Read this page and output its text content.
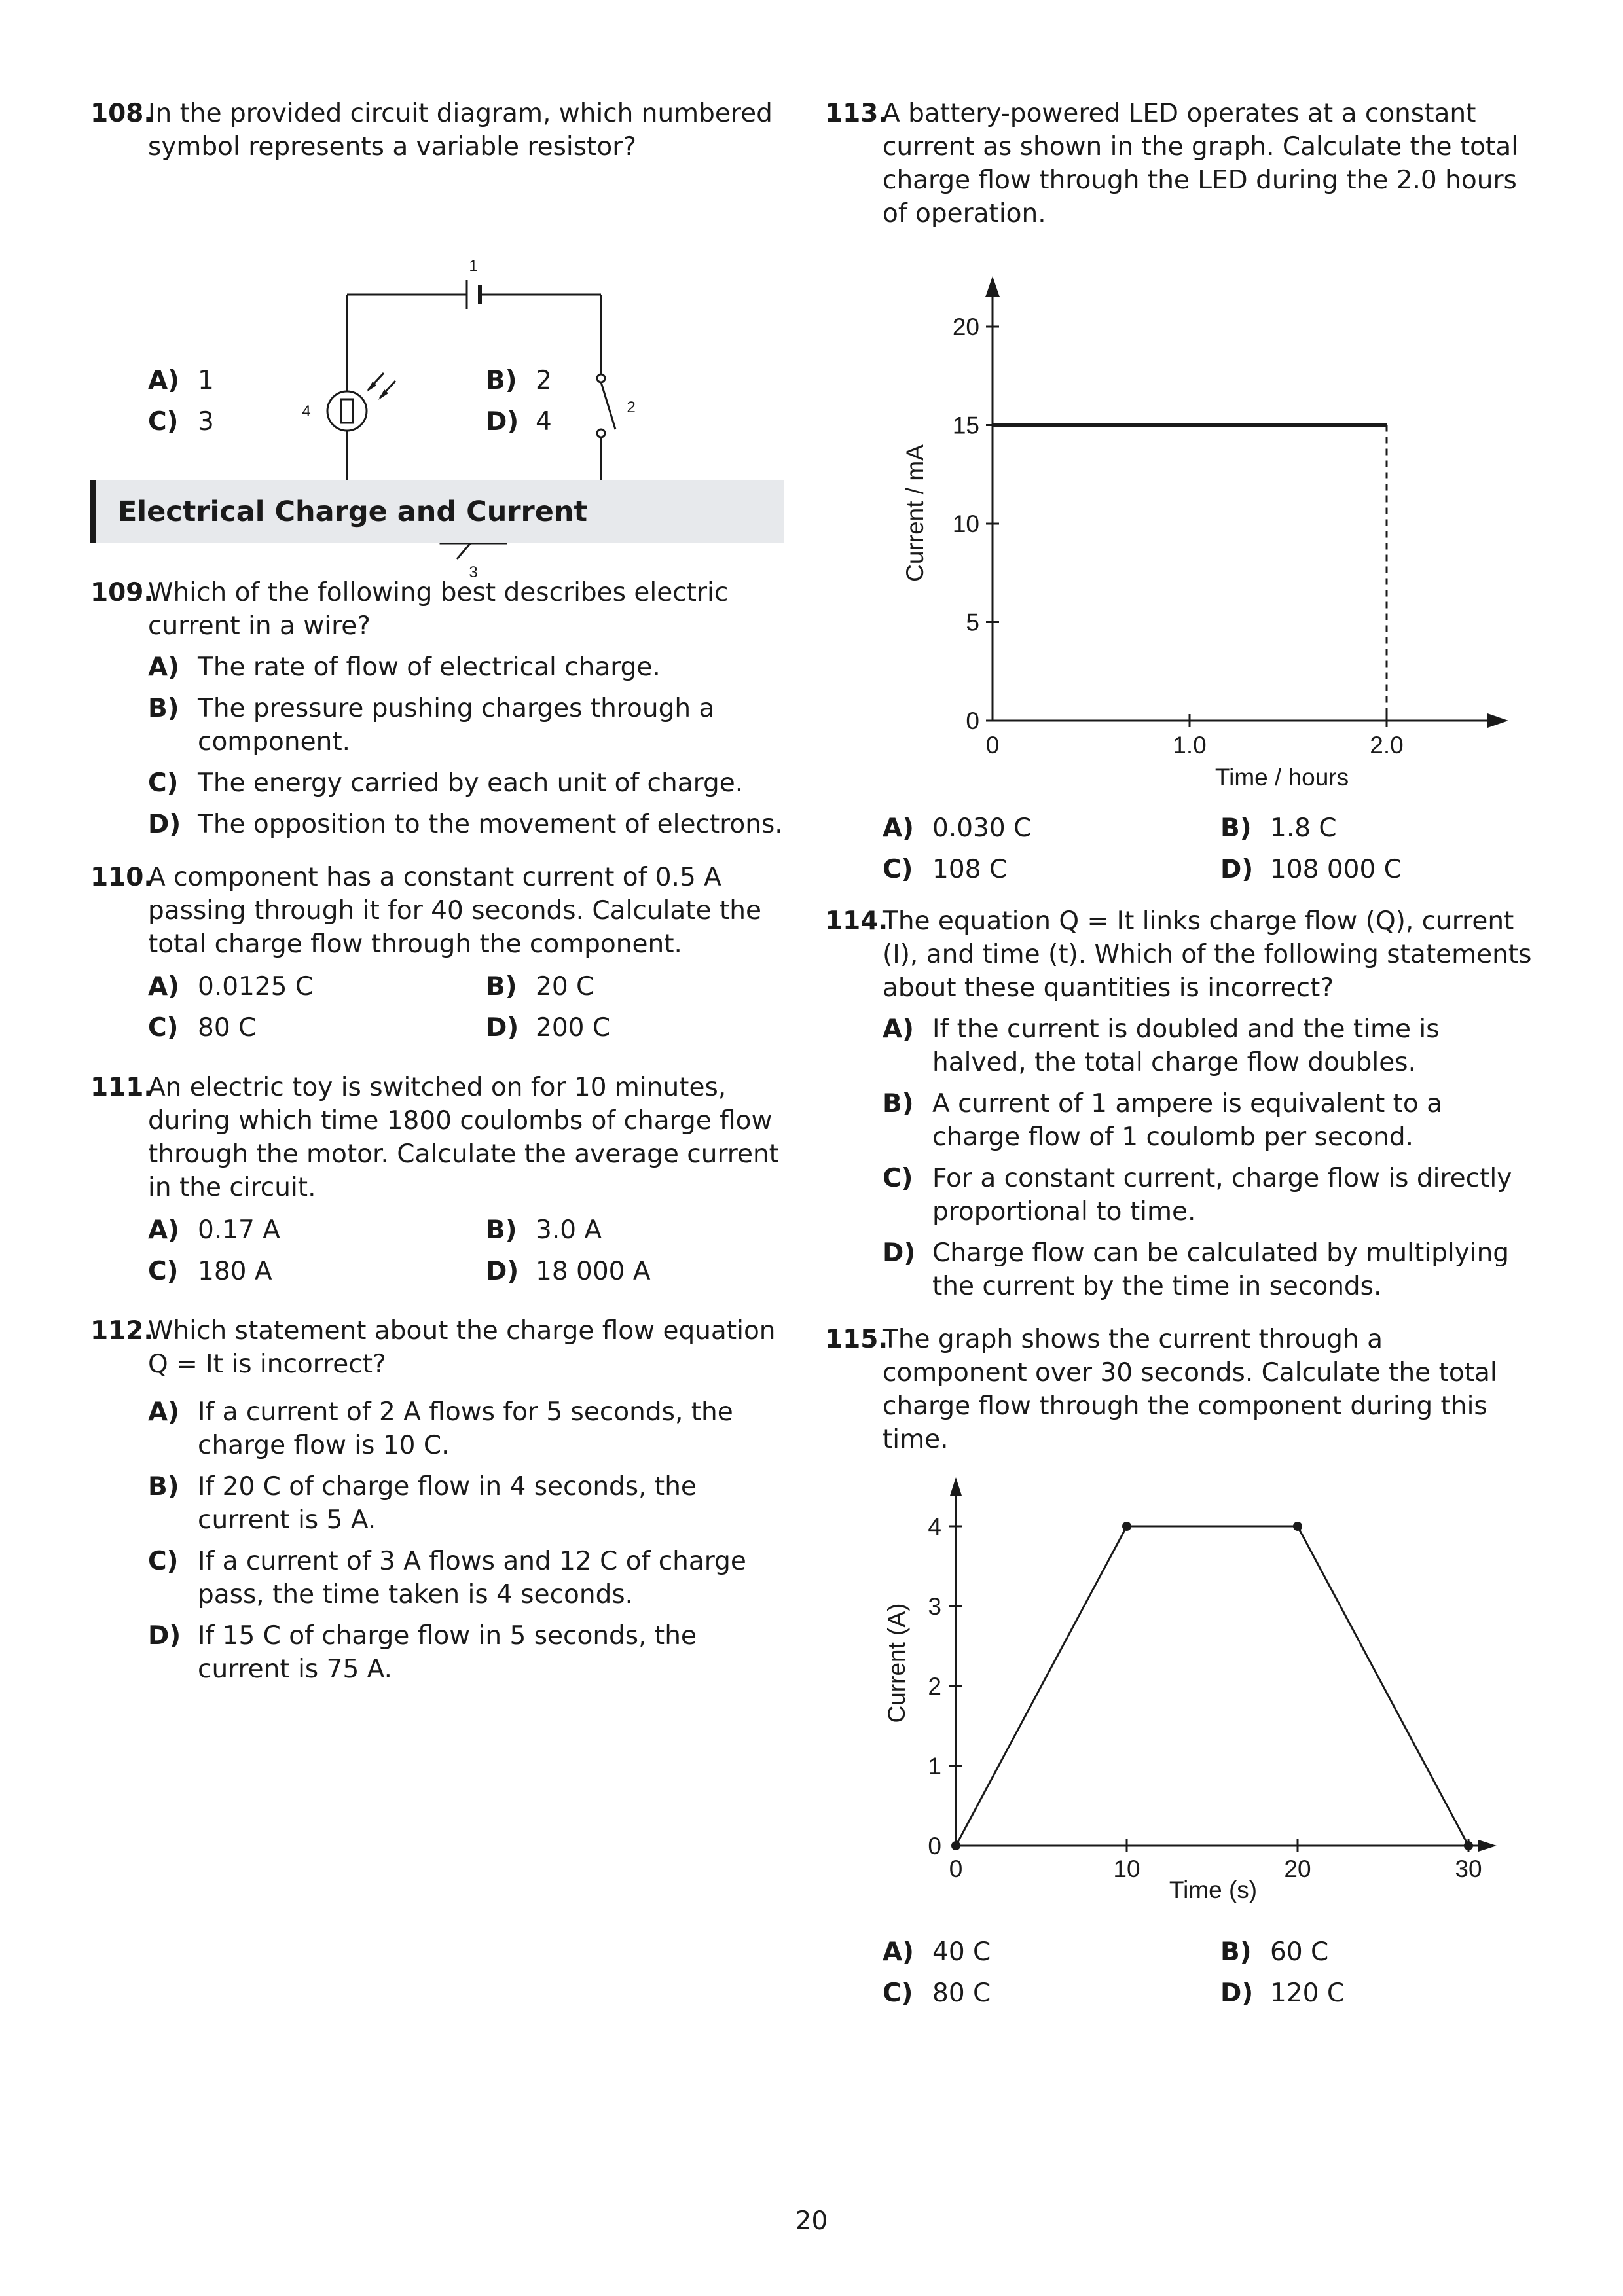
108.
In the provided circuit diagram, which numbered symbol represents a variable resistor?
1
2
3
4
A) 1	B) 2
C) 3	D) 4
Electrical Charge and Current
109.
Which of the following best describes electric current in a wire?
A) The rate of flow of electrical charge.
B) The pressure pushing charges through a component.
C) The energy carried by each unit of charge.
D) The opposition to the movement of electrons.
110.
A component has a constant current of 0.5 A passing through it for 40 seconds. Calculate the total charge flow through the component.
A) 0.0125 C	B) 20 C
C) 80 C	D) 200 C
111.
An electric toy is switched on for 10 minutes, during which time 1800 coulombs of charge flow through the motor. Calculate the average current in the circuit.
A) 0.17 A	B) 3.0 A
C) 180 A	D) 18 000 A
112.
Which statement about the charge flow equation Q = It is incorrect?
A) If a current of 2 A flows for 5 seconds, the charge flow is 10 C.
B) If 20 C of charge flow in 4 seconds, the current is 5 A.
C) If a current of 3 A flows and 12 C of charge pass, the time taken is 4 seconds.
D) If 15 C of charge flow in 5 seconds, the current is 75 A.
113.
A battery-powered LED operates at a constant current as shown in the graph. Calculate the total charge flow through the LED during the 2.0 hours of operation.
0
5
10
15
20
0	1.0	2.0
Time / hours
Current / mA
A) 0.030 C	B) 1.8 C
C) 108 C	D) 108 000 C
114.
The equation Q = It links charge flow (Q), current (I), and time (t). Which of the following statements about these quantities is incorrect?
A) If the current is doubled and the time is halved, the total charge flow doubles.
B) A current of 1 ampere is equivalent to a charge flow of 1 coulomb per second.
C) For a constant current, charge flow is directly proportional to time.
D) Charge flow can be calculated by multiplying the current by the time in seconds.
115.
The graph shows the current through a component over 30 seconds. Calculate the total charge flow through the component during this time.
0
1
2
3
4
0	10	20	30
Time (s)
Current (A)
A) 40 C	B) 60 C
C) 80 C	D) 120 C
20
